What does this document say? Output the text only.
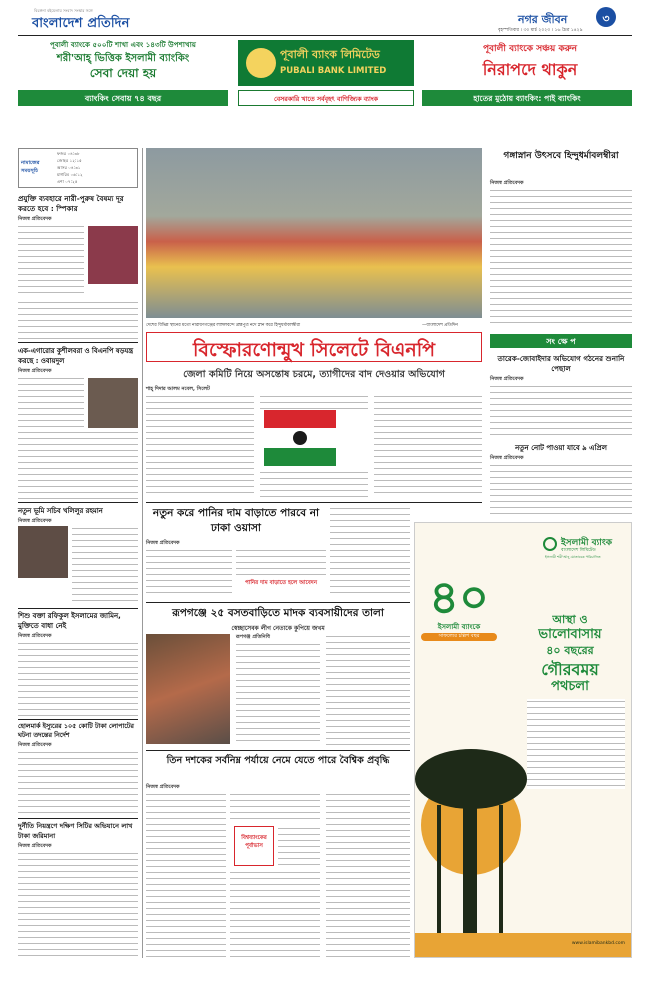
বিরঙ্গনা বইমেলায় সংবাদ সংস্থার সঙ্গে
বাংলাদেশ প্রতিদিন	নগর জীবন	৩
বৃহস্পতিবার । ৩০ মার্চ ২০২৩ । ১৬ চৈত্র ১৪২৯
পূবালী ব্যাংকে ৫০০টি শাখা এবং ১৪৩টি উপশাখায়
শরী'আহ্ ভিত্তিক ইসলামী ব্যাংকিং
সেবা দেয়া হয়
পূবালী ব্যাংক লিমিটেড
PUBALI BANK LIMITED
পূবালী ব্যাংকে সঞ্চয় করুন
নিরাপদে থাকুন
ব্যাংকিং সেবায় ৭৪ বছর	বেসরকারি খাতে সর্ববৃহৎ বাণিজ্যিক ব্যাংক	হাতের মুঠোয় ব্যাংকিং: পাই ব্যাংকিং
নামাজের সময়সূচি
ফজর ০৪:৩৮
জোহর ১২:১৫
আসর ০৪:৩১
মাগরিব ০৬:১২
এশা ০৭:২৫
প্রযুক্তি ব্যবহারে নারী-পুরুষ বৈষম্য দূর করতে হবে : স্পিকার
নিজস্ব প্রতিবেদক
এক-এগারোর কুশীলবরা ও বিএনপি ষড়যন্ত্র করছে : ওবায়দুল
নিজস্ব প্রতিবেদক
নতুন ভূমি সচিব খলিলুর রহমান
নিজস্ব প্রতিবেদক
শিশু বক্তা রফিকুল ইসলামের জামিন, মুক্তিতে বাধা নেই
নিজস্ব প্রতিবেদক
হোলমার্ক ইস্যুরের ১০৫ কোটি টাকা লোপাটের ঘটনা তদন্তের নির্দেশ
নিজস্ব প্রতিবেদক
দুর্নীতি নিয়ন্ত্রণে দক্ষিণ সিটির অভিযানে লাখ টাকা জরিমানা
নিজস্ব প্রতিবেদক
দেশের বিভিন্ন স্থানের মতো নারায়ণগঞ্জের লাঙ্গলবন্দে ব্রহ্মপুত্র নদে স্নান করে হিন্দুধর্মাবলম্বীরা	—বাংলাদেশ প্রতিদিন
গঙ্গাস্নান উৎসবে হিন্দুধর্মাবলম্বীরা
নিজস্ব প্রতিবেদক
সং ক্ষে প
তারেক-জোবাইদার অভিযোগ গঠনের শুনানি পেছাল
নিজস্ব প্রতিবেদক
নতুন নোট পাওয়া যাবে ৯ এপ্রিল
নিজস্ব প্রতিবেদক
বিস্ফোরণোন্মুখ সিলেটে বিএনপি
জেলা কমিটি নিয়ে অসন্তোষ চরমে, ত্যাগীদের বাদ দেওয়ার অভিযোগ
শাহ্‌ দিদার আলম নবেল, সিলেট
নতুন করে পানির দাম বাড়াতে পারবে না ঢাকা ওয়াসা
নিজস্ব প্রতিবেদক
পানির দাম বাড়াতে হলে আবেদন
রূপগঞ্জে ২৫ বসতবাড়িতে মাদক ব্যবসায়ীদের তালা
স্বেচ্ছাসেবক লীগ নেতাকে কুপিয়ে জখম
রূপগঞ্জ প্রতিনিধি
তিন দশকের সর্বনিম্ন পর্যায়ে নেমে যেতে পারে বৈশ্বিক প্রবৃদ্ধি
নিজস্ব প্রতিবেদক
বিশ্বব্যাংকের পূর্বাভাস
ইসলামী ব্যাংক
বাংলাদেশ লিমিটেড
ইসলামী শরী'আহ্ মোতাবেক পরিচালিত
৪০
ইসলামী ব্যাংকে
সাফল্যের চল্লিশ বছর
আস্থা ও
ভালোবাসায়
৪০ বছরের
গৌরবময়
পথচলা
www.islamibankbd.com
